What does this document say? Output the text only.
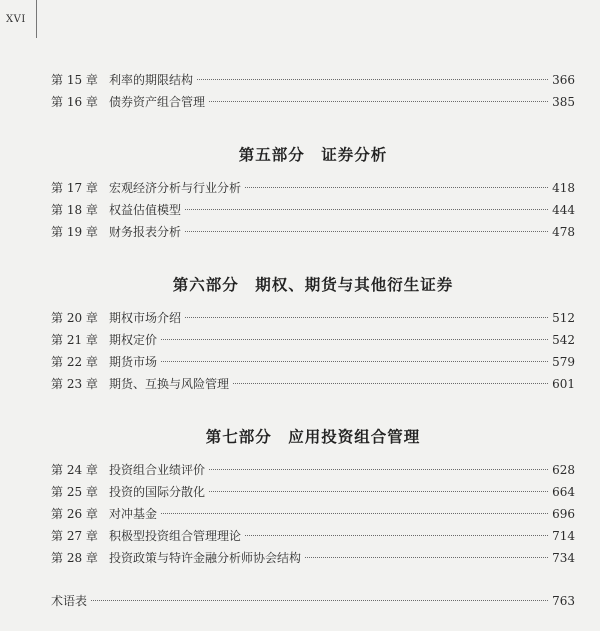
XVI
第 15 章 利率的期限结构	366
第 16 章 债券资产组合管理	385
第五部分　证券分析
第 17 章 宏观经济分析与行业分析	418
第 18 章 权益估值模型	444
第 19 章 财务报表分析	478
第六部分　期权、期货与其他衍生证券
第 20 章 期权市场介绍	512
第 21 章 期权定价	542
第 22 章 期货市场	579
第 23 章 期货、互换与风险管理	601
第七部分　应用投资组合管理
第 24 章 投资组合业绩评价	628
第 25 章 投资的国际分散化	664
第 26 章 对冲基金	696
第 27 章 积极型投资组合管理理论	714
第 28 章 投资政策与特许金融分析师协会结构	734
术语表	763
